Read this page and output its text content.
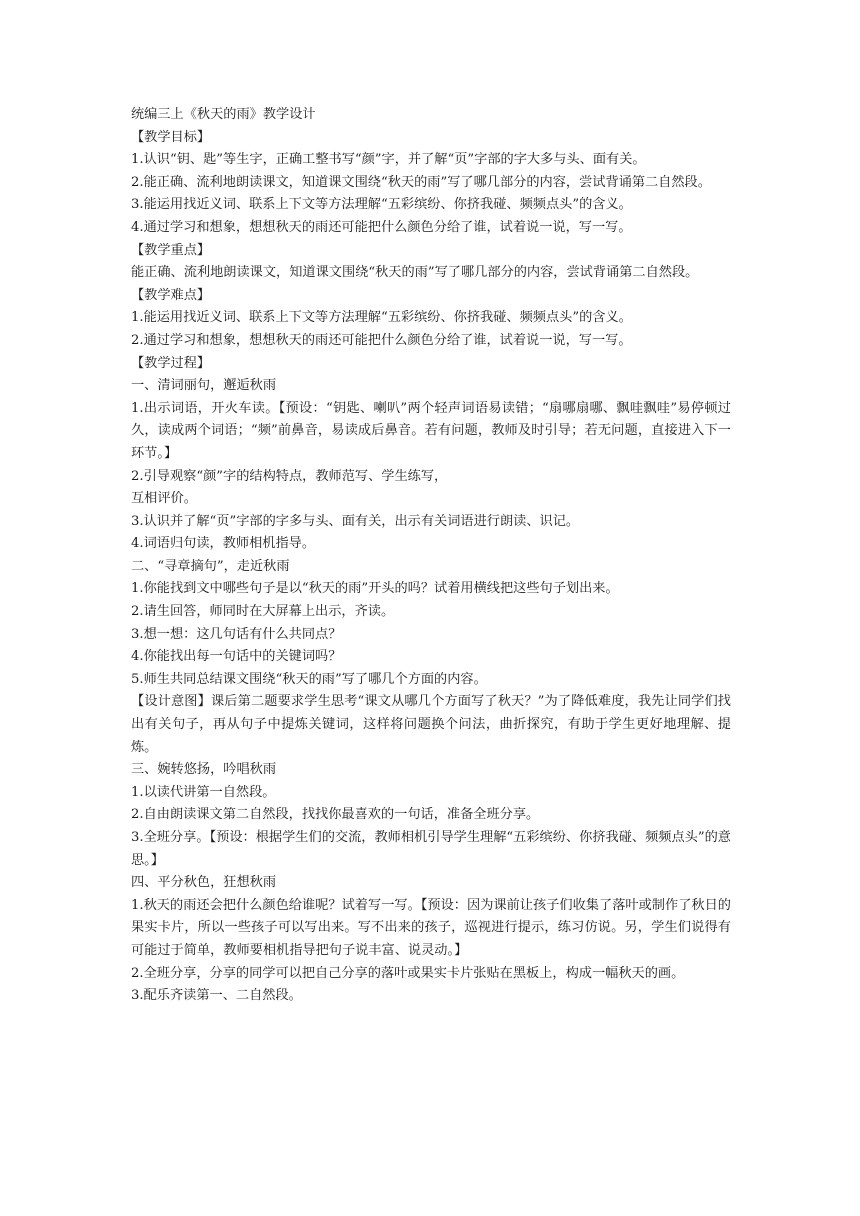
统编三上《秋天的雨》教学设计

【教学目标】

1.认识“钥、匙”等生字，正确工整书写“颜”字，并了解“页”字部的字大多与头、面有关。

2.能正确、流利地朗读课文，知道课文围绕“秋天的雨”写了哪几部分的内容，尝试背诵第二自然段。

3.能运用找近义词、联系上下文等方法理解“五彩缤纷、你挤我碰、频频点头”的含义。

4.通过学习和想象，想想秋天的雨还可能把什么颜色分给了谁，试着说一说，写一写。

【教学重点】

能正确、流利地朗读课文，知道课文围绕“秋天的雨”写了哪几部分的内容，尝试背诵第二自然段。

【教学难点】

1.能运用找近义词、联系上下文等方法理解“五彩缤纷、你挤我碰、频频点头”的含义。

2.通过学习和想象，想想秋天的雨还可能把什么颜色分给了谁，试着说一说，写一写。

【教学过程】

一、清词丽句，邂逅秋雨

1.出示词语，开火车读。【预设：“钥匙、喇叭”两个轻声词语易读错；“扇哪扇哪、飘哇飘哇”易停顿过久，读成两个词语；“频”前鼻音，易读成后鼻音。若有问题，教师及时引导；若无问题，直接进入下一环节。】

2.引导观察“颜”字的结构特点，教师范写、学生练写，

互相评价。

3.认识并了解“页”字部的字多与头、面有关，出示有关词语进行朗读、识记。

4.词语归句读，教师相机指导。

二、“寻章摘句”，走近秋雨

1.你能找到文中哪些句子是以“秋天的雨”开头的吗？试着用横线把这些句子划出来。

2.请生回答，师同时在大屏幕上出示，齐读。

3.想一想：这几句话有什么共同点？

4.你能找出每一句话中的关键词吗？

5.师生共同总结课文围绕“秋天的雨”写了哪几个方面的内容。

【设计意图】课后第二题要求学生思考“课文从哪几个方面写了秋天？”为了降低难度，我先让同学们找出有关句子，再从句子中提炼关键词，这样将问题换个问法，曲折探究，有助于学生更好地理解、提炼。

三、婉转悠扬，吟唱秋雨

1.以读代讲第一自然段。

2.自由朗读课文第二自然段，找找你最喜欢的一句话，准备全班分享。

3.全班分享。【预设：根据学生们的交流，教师相机引导学生理解“五彩缤纷、你挤我碰、频频点头”的意思。】

四、平分秋色，狂想秋雨

1.秋天的雨还会把什么颜色给谁呢？试着写一写。【预设：因为课前让孩子们收集了落叶或制作了秋日的果实卡片，所以一些孩子可以写出来。写不出来的孩子，巡视进行提示，练习仿说。另，学生们说得有可能过于简单，教师要相机指导把句子说丰富、说灵动。】

2.全班分享，分享的同学可以把自己分享的落叶或果实卡片张贴在黑板上，构成一幅秋天的画。

3.配乐齐读第一、二自然段。
